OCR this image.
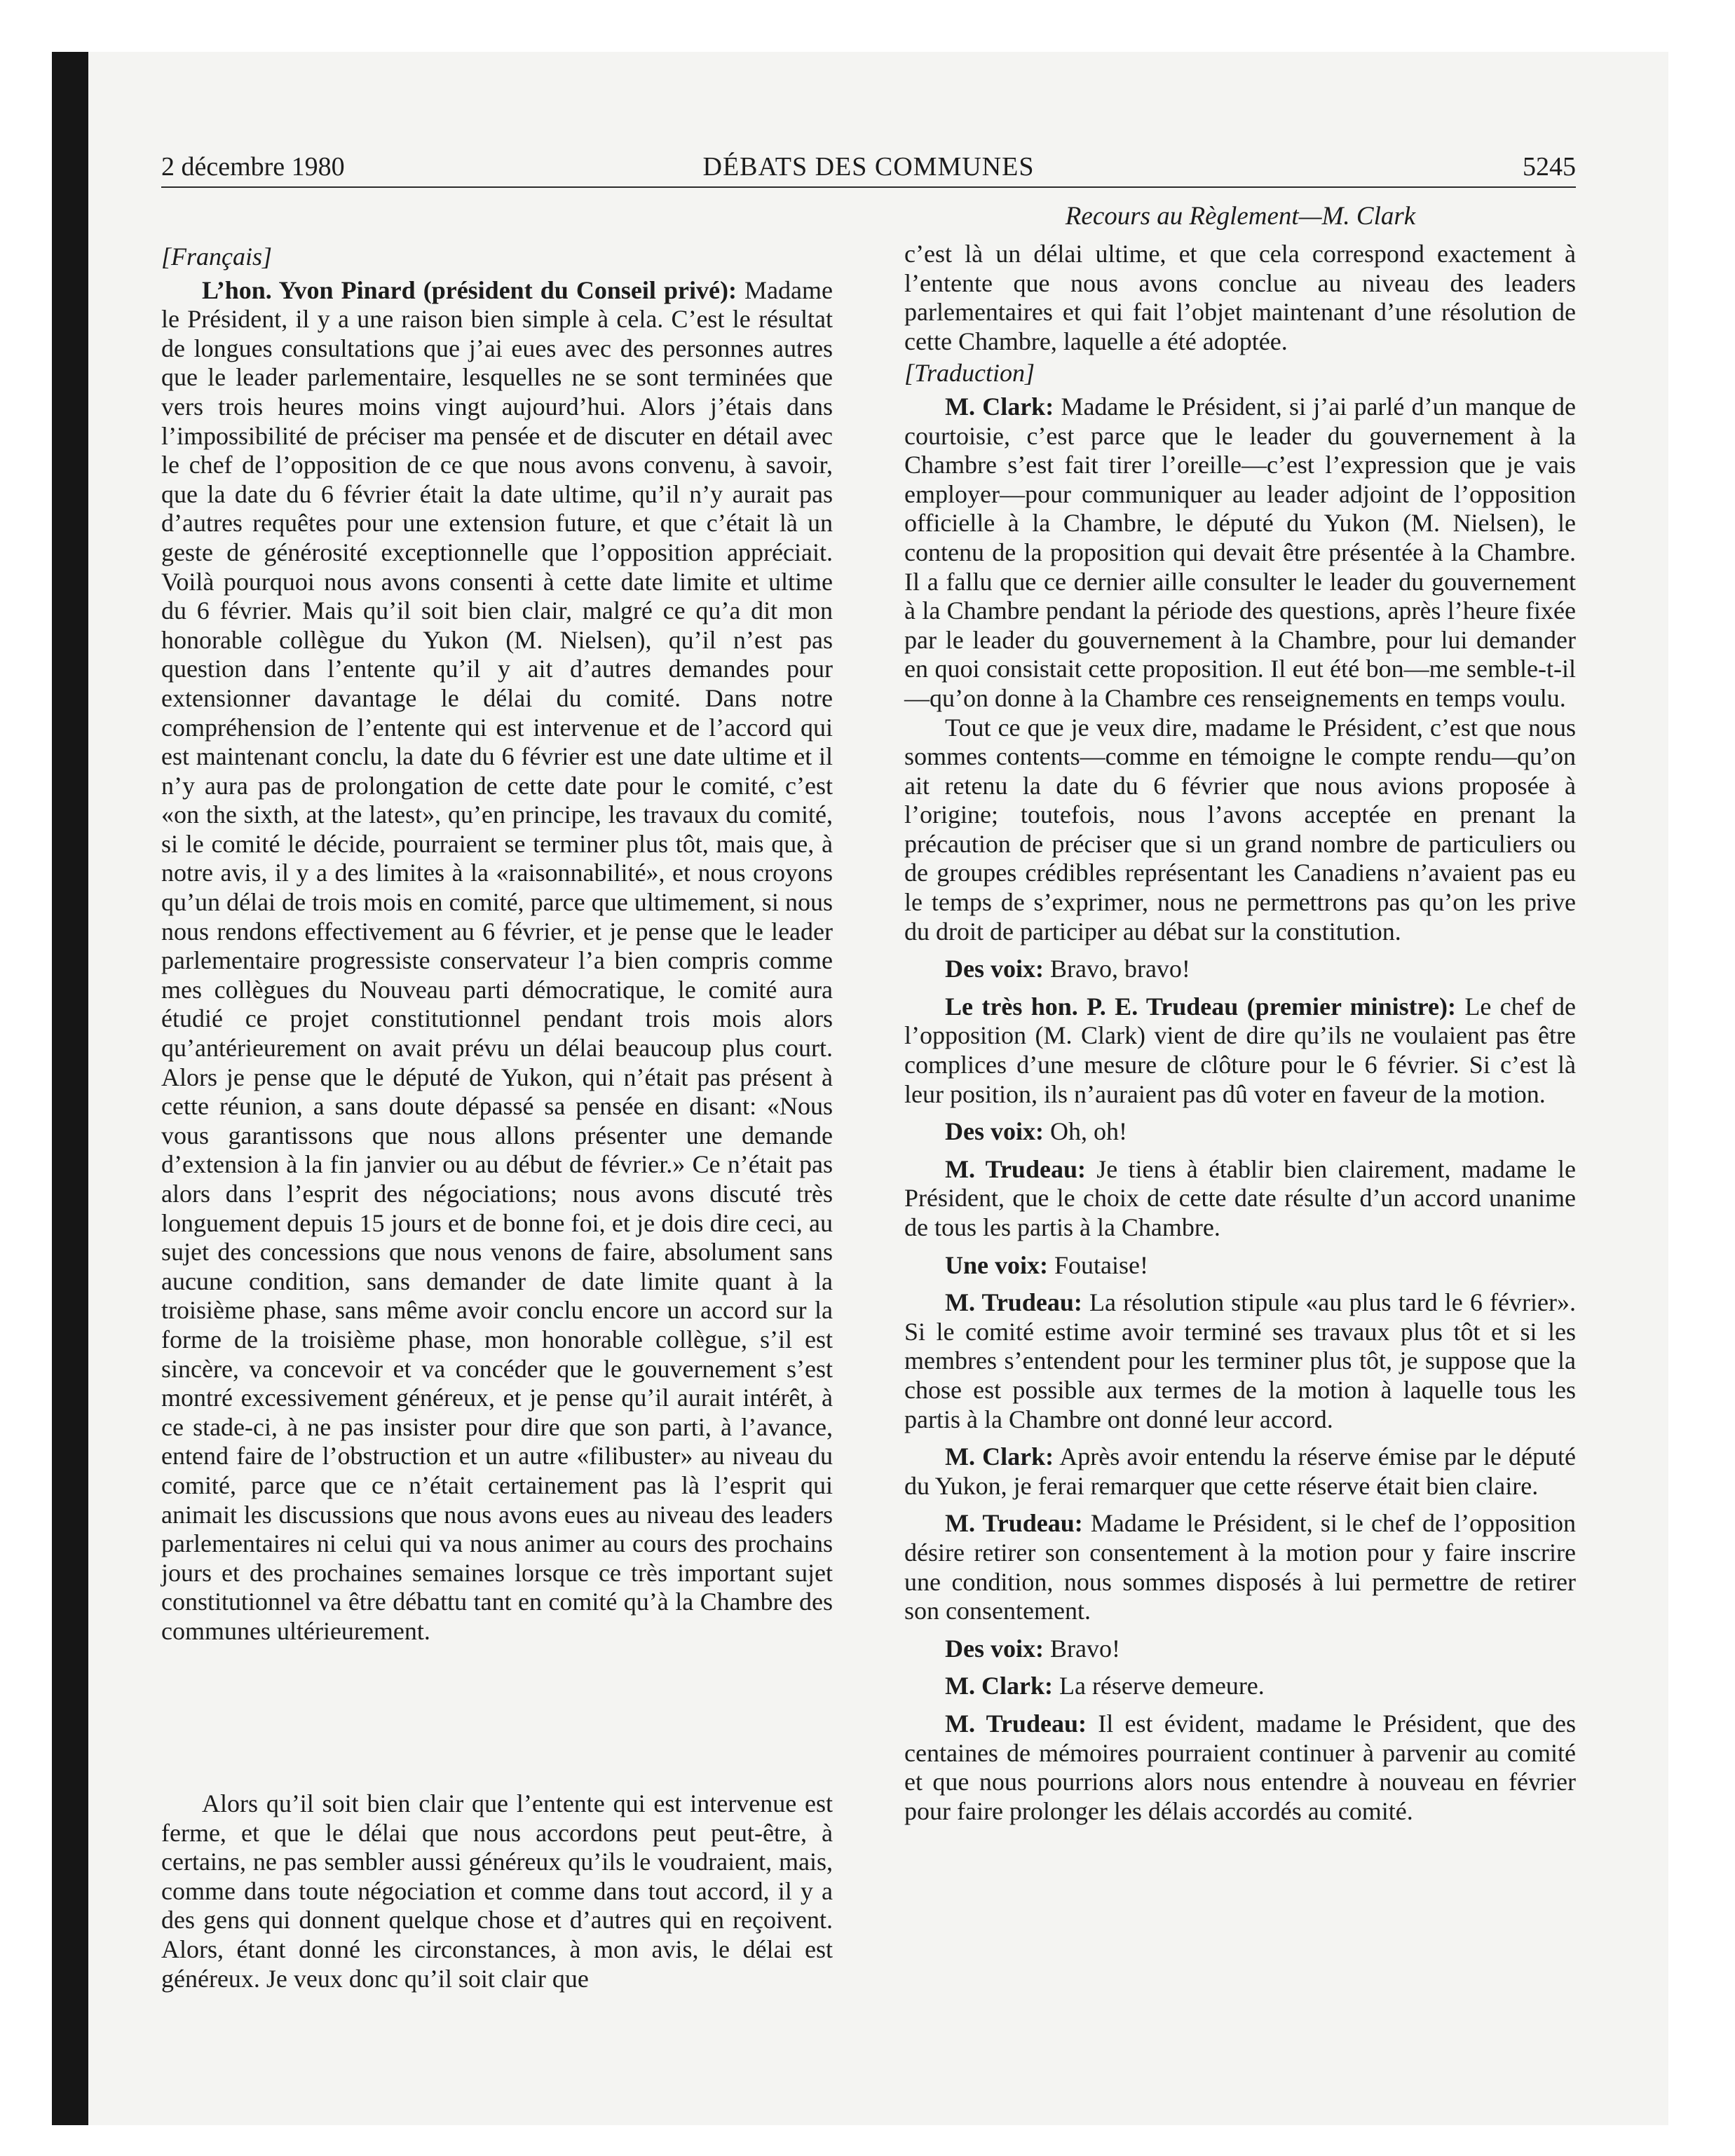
2 décembre 1980	DÉBATS DES COMMUNES	5245
Recours au Règlement—M. Clark

[Français]

L’hon. Yvon Pinard (président du Conseil privé): Madame le Président, il y a une raison bien simple à cela. C’est le résultat de longues consultations que j’ai eues avec des personnes autres que le leader parlementaire, lesquelles ne se sont terminées que vers trois heures moins vingt aujourd’hui. Alors j’étais dans l’impossibilité de préciser ma pensée et de discuter en détail avec le chef de l’opposition de ce que nous avons convenu, à savoir, que la date du 6 février était la date ultime, qu’il n’y aurait pas d’autres requêtes pour une extension future, et que c’était là un geste de générosité exceptionnelle que l’opposition appréciait. Voilà pourquoi nous avons consenti à cette date limite et ultime du 6 février. Mais qu’il soit bien clair, malgré ce qu’a dit mon honorable collègue du Yukon (M. Nielsen), qu’il n’est pas question dans l’entente qu’il y ait d’autres demandes pour extensionner davantage le délai du comité. Dans notre compréhension de l’entente qui est intervenue et de l’accord qui est maintenant conclu, la date du 6 février est une date ultime et il n’y aura pas de prolongation de cette date pour le comité, c’est «on the sixth, at the latest», qu’en principe, les travaux du comité, si le comité le décide, pourraient se terminer plus tôt, mais que, à notre avis, il y a des limites à la «raisonnabilité», et nous croyons qu’un délai de trois mois en comité, parce que ultimement, si nous nous rendons effectivement au 6 février, et je pense que le leader parlementaire progressiste conservateur l’a bien compris comme mes collègues du Nouveau parti démocratique, le comité aura étudié ce projet constitutionnel pendant trois mois alors qu’antérieurement on avait prévu un délai beaucoup plus court. Alors je pense que le député de Yukon, qui n’était pas présent à cette réunion, a sans doute dépassé sa pensée en disant: «Nous vous garantissons que nous allons présenter une demande d’extension à la fin janvier ou au début de février.» Ce n’était pas alors dans l’esprit des négociations; nous avons discuté très longuement depuis 15 jours et de bonne foi, et je dois dire ceci, au sujet des concessions que nous venons de faire, absolument sans aucune condition, sans demander de date limite quant à la troisième phase, sans même avoir conclu encore un accord sur la forme de la troisième phase, mon honorable collègue, s’il est sincère, va concevoir et va concéder que le gouvernement s’est montré excessivement généreux, et je pense qu’il aurait intérêt, à ce stade-ci, à ne pas insister pour dire que son parti, à l’avance, entend faire de l’obstruction et un autre «filibuster» au niveau du comité, parce que ce n’était certainement pas là l’esprit qui animait les discussions que nous avons eues au niveau des leaders parlementaires ni celui qui va nous animer au cours des prochains jours et des prochaines semaines lorsque ce très important sujet constitutionnel va être débattu tant en comité qu’à la Chambre des communes ultérieurement.

Alors qu’il soit bien clair que l’entente qui est intervenue est ferme, et que le délai que nous accordons peut peut-être, à certains, ne pas sembler aussi généreux qu’ils le voudraient, mais, comme dans toute négociation et comme dans tout accord, il y a des gens qui donnent quelque chose et d’autres qui en reçoivent. Alors, étant donné les circonstances, à mon avis, le délai est généreux. Je veux donc qu’il soit clair que

c’est là un délai ultime, et que cela correspond exactement à l’entente que nous avons conclue au niveau des leaders parlementaires et qui fait l’objet maintenant d’une résolution de cette Chambre, laquelle a été adoptée.

[Traduction]

M. Clark: Madame le Président, si j’ai parlé d’un manque de courtoisie, c’est parce que le leader du gouvernement à la Chambre s’est fait tirer l’oreille—c’est l’expression que je vais employer—pour communiquer au leader adjoint de l’opposition officielle à la Chambre, le député du Yukon (M. Nielsen), le contenu de la proposition qui devait être présentée à la Chambre. Il a fallu que ce dernier aille consulter le leader du gouvernement à la Chambre pendant la période des questions, après l’heure fixée par le leader du gouvernement à la Chambre, pour lui demander en quoi consistait cette proposition. Il eut été bon—me semble-t-il—qu’on donne à la Chambre ces renseignements en temps voulu.

Tout ce que je veux dire, madame le Président, c’est que nous sommes contents—comme en témoigne le compte rendu—qu’on ait retenu la date du 6 février que nous avions proposée à l’origine; toutefois, nous l’avons acceptée en prenant la précaution de préciser que si un grand nombre de particuliers ou de groupes crédibles représentant les Canadiens n’avaient pas eu le temps de s’exprimer, nous ne permettrons pas qu’on les prive du droit de participer au débat sur la constitution.

Des voix: Bravo, bravo!

Le très hon. P. E. Trudeau (premier ministre): Le chef de l’opposition (M. Clark) vient de dire qu’ils ne voulaient pas être complices d’une mesure de clôture pour le 6 février. Si c’est là leur position, ils n’auraient pas dû voter en faveur de la motion.

Des voix: Oh, oh!

M. Trudeau: Je tiens à établir bien clairement, madame le Président, que le choix de cette date résulte d’un accord unanime de tous les partis à la Chambre.

Une voix: Foutaise!

M. Trudeau: La résolution stipule «au plus tard le 6 février». Si le comité estime avoir terminé ses travaux plus tôt et si les membres s’entendent pour les terminer plus tôt, je suppose que la chose est possible aux termes de la motion à laquelle tous les partis à la Chambre ont donné leur accord.

M. Clark: Après avoir entendu la réserve émise par le député du Yukon, je ferai remarquer que cette réserve était bien claire.

M. Trudeau: Madame le Président, si le chef de l’opposition désire retirer son consentement à la motion pour y faire inscrire une condition, nous sommes disposés à lui permettre de retirer son consentement.

Des voix: Bravo!

M. Clark: La réserve demeure.

M. Trudeau: Il est évident, madame le Président, que des centaines de mémoires pourraient continuer à parvenir au comité et que nous pourrions alors nous entendre à nouveau en février pour faire prolonger les délais accordés au comité.
